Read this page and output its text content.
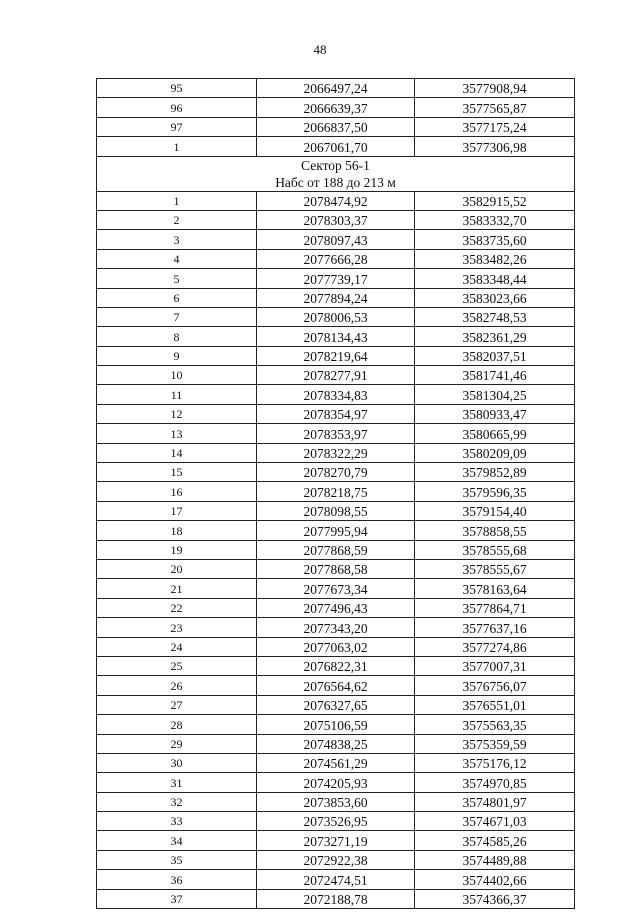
48
95	2066497,24	3577908,94
96	2066639,37	3577565,87
97	2066837,50	3577175,24
1	2067061,70	3577306,98

Сектор 56-1
Набс от 188 до 213 м		

1	2078474,92	3582915,52
2	2078303,37	3583332,70
3	2078097,43	3583735,60
4	2077666,28	3583482,26
5	2077739,17	3583348,44
6	2077894,24	3583023,66
7	2078006,53	3582748,53
8	2078134,43	3582361,29
9	2078219,64	3582037,51
10	2078277,91	3581741,46
11	2078334,83	3581304,25
12	2078354,97	3580933,47
13	2078353,97	3580665,99
14	2078322,29	3580209,09
15	2078270,79	3579852,89
16	2078218,75	3579596,35
17	2078098,55	3579154,40
18	2077995,94	3578858,55
19	2077868,59	3578555,68
20	2077868,58	3578555,67
21	2077673,34	3578163,64
22	2077496,43	3577864,71
23	2077343,20	3577637,16
24	2077063,02	3577274,86
25	2076822,31	3577007,31
26	2076564,62	3576756,07
27	2076327,65	3576551,01
28	2075106,59	3575563,35
29	2074838,25	3575359,59
30	2074561,29	3575176,12
31	2074205,93	3574970,85
32	2073853,60	3574801,97
33	2073526,95	3574671,03
34	2073271,19	3574585,26
35	2072922,38	3574489,88
36	2072474,51	3574402,66
37	2072188,78	3574366,37
